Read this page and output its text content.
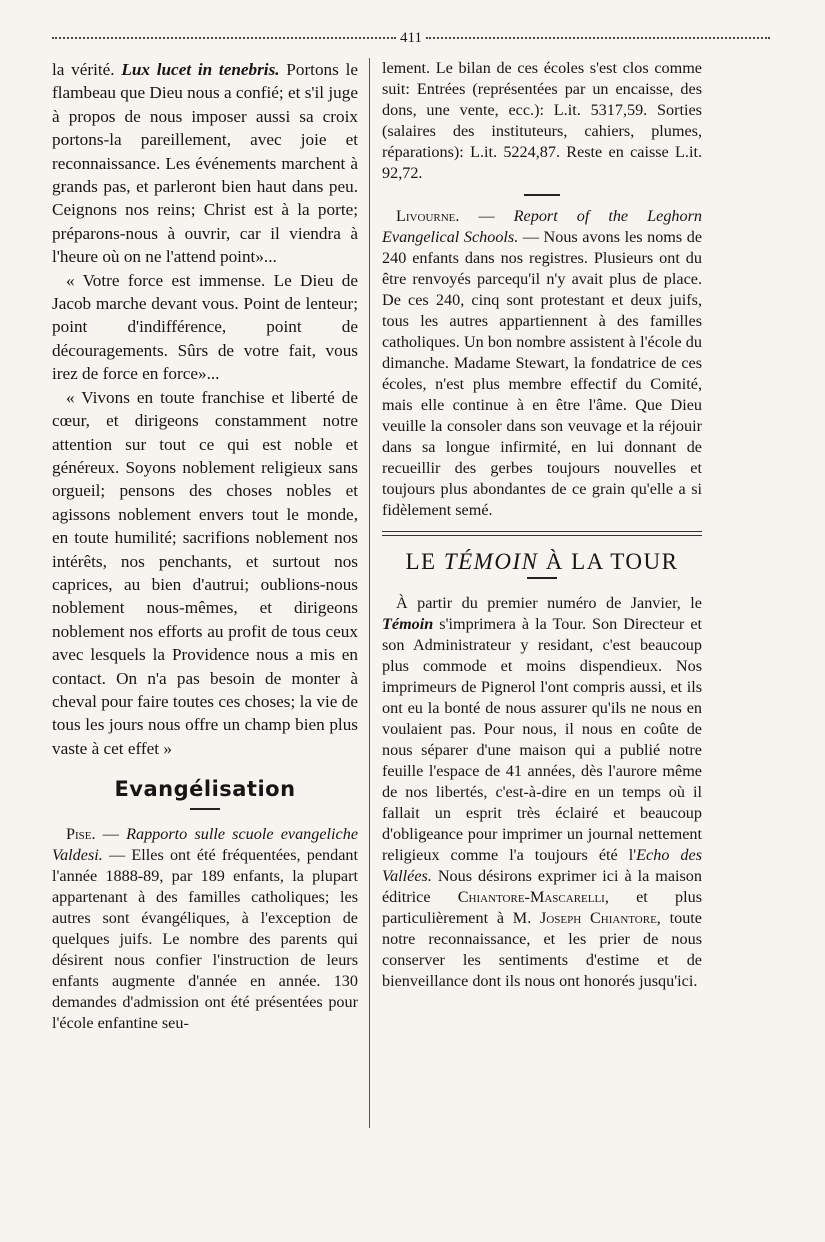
411

la vérité. Lux lucet in tenebris. Portons le flambeau que Dieu nous a confié; et s'il juge à propos de nous imposer aussi sa croix portons-la pareillement, avec joie et reconnaissance. Les événements marchent à grands pas, et parleront bien haut dans peu. Ceignons nos reins; Christ est à la porte; préparons-nous à ouvrir, car il viendra à l'heure où on ne l'attend point»...

« Votre force est immense. Le Dieu de Jacob marche devant vous. Point de lenteur; point d'indifférence, point de découragements. Sûrs de votre fait, vous irez de force en force»...

« Vivons en toute franchise et liberté de cœur, et dirigeons constamment notre attention sur tout ce qui est noble et généreux. Soyons noblement religieux sans orgueil; pensons des choses nobles et agissons noblement envers tout le monde, en toute humilité; sacrifions noblement nos intérêts, nos penchants, et surtout nos caprices, au bien d'autrui; oublions-nous noblement nous-mêmes, et dirigeons noblement nos efforts au profit de tous ceux avec lesquels la Providence nous a mis en contact. On n'a pas besoin de monter à cheval pour faire toutes ces choses; la vie de tous les jours nous offre un champ bien plus vaste à cet effet »

Evangélisation

Pise. — Rapporto sulle scuole evangeliche Valdesi. — Elles ont été fréquentées, pendant l'année 1888-89, par 189 enfants, la plupart appartenant à des familles catholiques; les autres sont évangéliques, à l'exception de quelques juifs. Le nombre des parents qui désirent nous confier l'instruction de leurs enfants augmente d'année en année. 130 demandes d'admission ont été présentées pour l'école enfantine seu-

lement. Le bilan de ces écoles s'est clos comme suit: Entrées (représentées par un encaisse, des dons, une vente, ecc.): L.it. 5317,59. Sorties (salaires des instituteurs, cahiers, plumes, réparations): L.it. 5224,87. Reste en caisse L.it. 92,72.

Livourne. — Report of the Leghorn Evangelical Schools. — Nous avons les noms de 240 enfants dans nos registres. Plusieurs ont du être renvoyés parcequ'il n'y avait plus de place. De ces 240, cinq sont protestant et deux juifs, tous les autres appartiennent à des familles catholiques. Un bon nombre assistent à l'école du dimanche. Madame Stewart, la fondatrice de ces écoles, n'est plus membre effectif du Comité, mais elle continue à en être l'âme. Que Dieu veuille la consoler dans son veuvage et la réjouir dans sa longue infirmité, en lui donnant de recueillir des gerbes toujours nouvelles et toujours plus abondantes de ce grain qu'elle a si fidèlement semé.

LE TÉMOIN À LA TOUR

À partir du premier numéro de Janvier, le Témoin s'imprimera à la Tour. Son Directeur et son Administrateur y residant, c'est beaucoup plus commode et moins dispendieux. Nos imprimeurs de Pignerol l'ont compris aussi, et ils ont eu la bonté de nous assurer qu'ils ne nous en voulaient pas. Pour nous, il nous en coûte de nous séparer d'une maison qui a publié notre feuille l'espace de 41 années, dès l'aurore même de nos libertés, c'est-à-dire en un temps où il fallait un esprit très éclairé et beaucoup d'obligeance pour imprimer un journal nettement religieux comme l'a toujours été l'Echo des Vallées. Nous désirons exprimer ici à la maison éditrice Chiantore-Mascarelli, et plus particulièrement à M. Joseph Chiantore, toute notre reconnaissance, et les prier de nous conserver les sentiments d'estime et de bienveillance dont ils nous ont honorés jusqu'ici.
